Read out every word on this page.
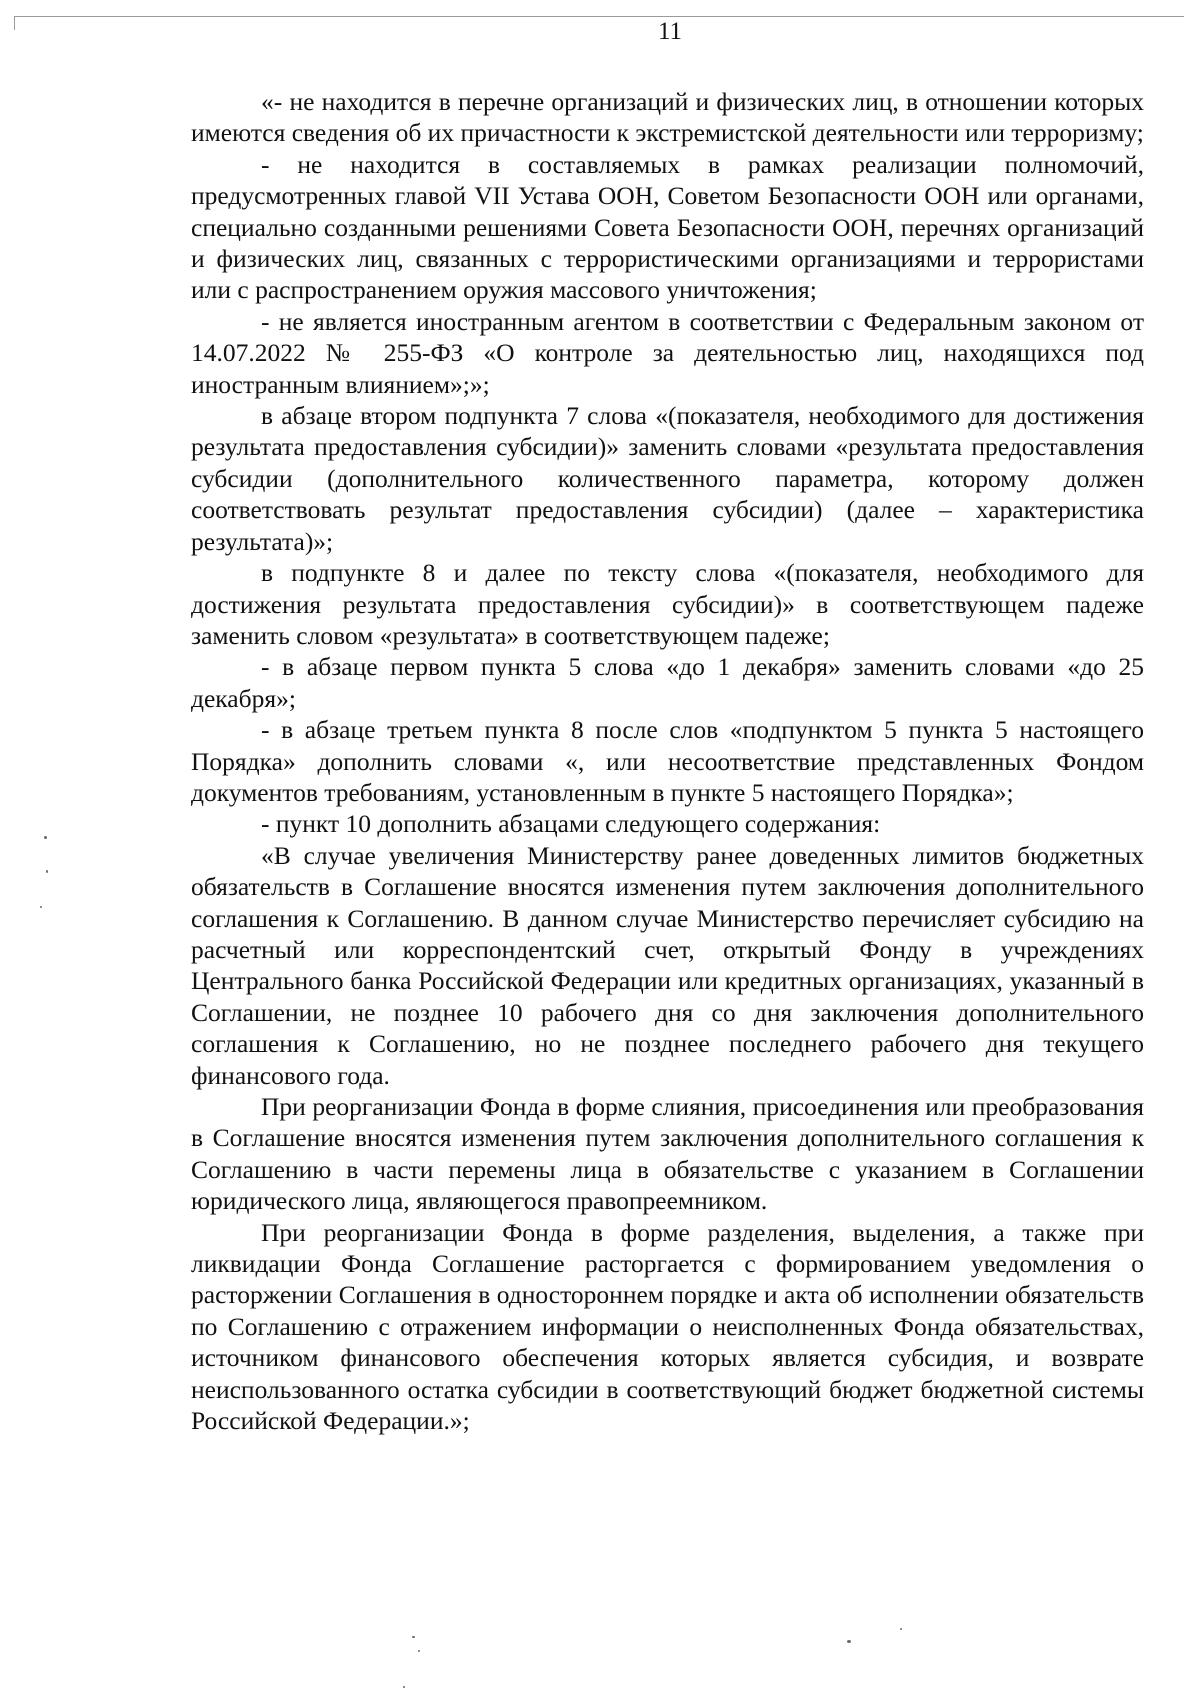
11

«- не находится в перечне организаций и физических лиц, в отношении которых имеются сведения об их причастности к экстремистской деятельности или терроризму;

- не находится в составляемых в рамках реализации полномочий, предусмотренных главой VII Устава ООН, Советом Безопасности ООН или органами, специально созданными решениями Совета Безопасности ООН, перечнях организаций и физических лиц, связанных с террористическими организациями и террористами или с распространением оружия массового уничтожения;

- не является иностранным агентом в соответствии с Федеральным законом от 14.07.2022 № 255-ФЗ «О контроле за деятельностью лиц, находящихся под иностранным влиянием»;»;

в абзаце втором подпункта 7 слова «(показателя, необходимого для достижения результата предоставления субсидии)» заменить словами «результата предоставления субсидии (дополнительного количественного параметра, которому должен соответствовать результат предоставления субсидии) (далее – характеристика результата)»;

в подпункте 8 и далее по тексту слова «(показателя, необходимого для достижения результата предоставления субсидии)» в соответствующем падеже заменить словом «результата» в соответствующем падеже;

- в абзаце первом пункта 5 слова «до 1 декабря» заменить словами «до 25 декабря»;

- в абзаце третьем пункта 8 после слов «подпунктом 5 пункта 5 настоящего Порядка» дополнить словами «, или несоответствие представленных Фондом документов требованиям, установленным в пункте 5 настоящего Порядка»;

- пункт 10 дополнить абзацами следующего содержания:

«В случае увеличения Министерству ранее доведенных лимитов бюджетных обязательств в Соглашение вносятся изменения путем заключения дополнительного соглашения к Соглашению. В данном случае Министерство перечисляет субсидию на расчетный или корреспондентский счет, открытый Фонду в учреждениях Центрального банка Российской Федерации или кредитных организациях, указанный в Соглашении, не позднее 10 рабочего дня со дня заключения дополнительного соглашения к Соглашению, но не позднее последнего рабочего дня текущего финансового года.

При реорганизации Фонда в форме слияния, присоединения или преобразования в Соглашение вносятся изменения путем заключения дополнительного соглашения к Соглашению в части перемены лица в обязательстве с указанием в Соглашении юридического лица, являющегося правопреемником.

При реорганизации Фонда в форме разделения, выделения, а также при ликвидации Фонда Соглашение расторгается с формированием уведомления о расторжении Соглашения в одностороннем порядке и акта об исполнении обязательств по Соглашению с отражением информации о неисполненных Фонда обязательствах, источником финансового обеспечения которых является субсидия, и возврате неиспользованного остатка субсидии в соответствующий бюджет бюджетной системы Российской Федерации.»;
